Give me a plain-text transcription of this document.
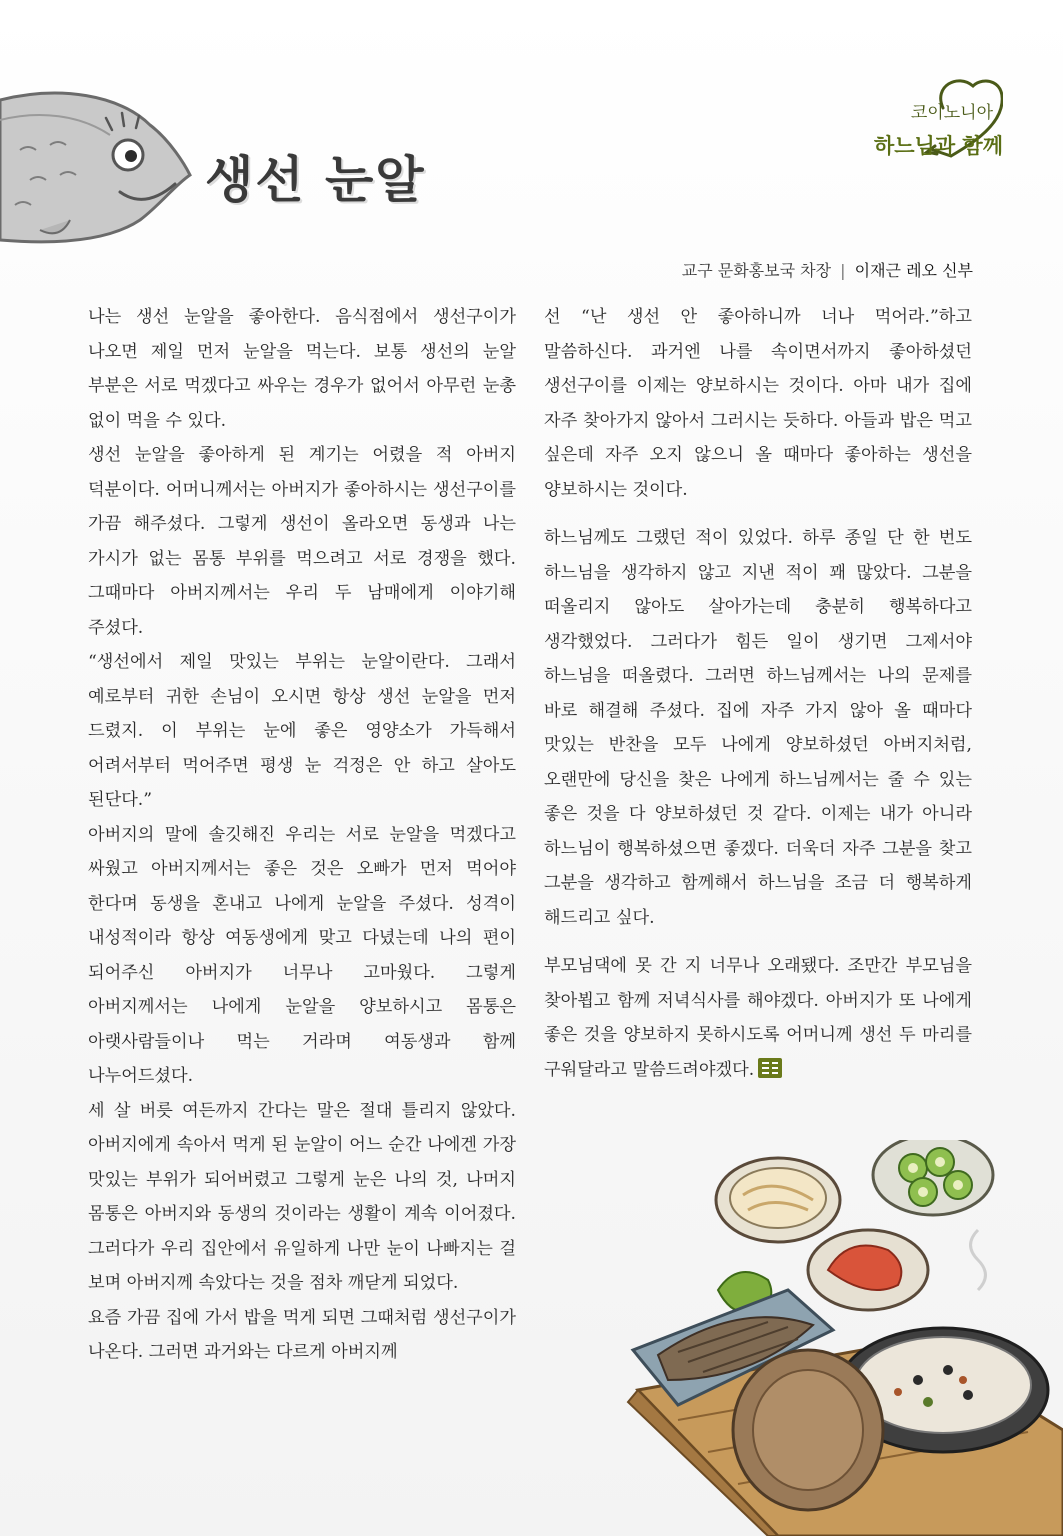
생선 눈알
코이노니아
하느님과 함께
교구 문화홍보국 차장 | 이재근 레오 신부

나는 생선 눈알을 좋아한다. 음식점에서 생선구이가 나오면 제일 먼저 눈알을 먹는다. 보통 생선의 눈알 부분은 서로 먹겠다고 싸우는 경우가 없어서 아무런 눈총 없이 먹을 수 있다.

생선 눈알을 좋아하게 된 계기는 어렸을 적 아버지 덕분이다. 어머니께서는 아버지가 좋아하시는 생선구이를 가끔 해주셨다. 그렇게 생선이 올라오면 동생과 나는 가시가 없는 몸통 부위를 먹으려고 서로 경쟁을 했다. 그때마다 아버지께서는 우리 두 남매에게 이야기해 주셨다.

“생선에서 제일 맛있는 부위는 눈알이란다. 그래서 예로부터 귀한 손님이 오시면 항상 생선 눈알을 먼저 드렸지. 이 부위는 눈에 좋은 영양소가 가득해서 어려서부터 먹어주면 평생 눈 걱정은 안 하고 살아도 된단다.”

아버지의 말에 솔깃해진 우리는 서로 눈알을 먹겠다고 싸웠고 아버지께서는 좋은 것은 오빠가 먼저 먹어야 한다며 동생을 혼내고 나에게 눈알을 주셨다. 성격이 내성적이라 항상 여동생에게 맞고 다녔는데 나의 편이 되어주신 아버지가 너무나 고마웠다. 그렇게 아버지께서는 나에게 눈알을 양보하시고 몸통은 아랫사람들이나 먹는 거라며 여동생과 함께 나누어드셨다.

세 살 버릇 여든까지 간다는 말은 절대 틀리지 않았다. 아버지에게 속아서 먹게 된 눈알이 어느 순간 나에겐 가장 맛있는 부위가 되어버렸고 그렇게 눈은 나의 것, 나머지 몸통은 아버지와 동생의 것이라는 생활이 계속 이어졌다. 그러다가 우리 집안에서 유일하게 나만 눈이 나빠지는 걸 보며 아버지께 속았다는 것을 점차 깨닫게 되었다.

요즘 가끔 집에 가서 밥을 먹게 되면 그때처럼 생선구이가 나온다. 그러면 과거와는 다르게 아버지께

선 “난 생선 안 좋아하니까 너나 먹어라.”하고 말씀하신다. 과거엔 나를 속이면서까지 좋아하셨던 생선구이를 이제는 양보하시는 것이다. 아마 내가 집에 자주 찾아가지 않아서 그러시는 듯하다. 아들과 밥은 먹고 싶은데 자주 오지 않으니 올 때마다 좋아하는 생선을 양보하시는 것이다.

하느님께도 그랬던 적이 있었다. 하루 종일 단 한 번도 하느님을 생각하지 않고 지낸 적이 꽤 많았다. 그분을 떠올리지 않아도 살아가는데 충분히 행복하다고 생각했었다. 그러다가 힘든 일이 생기면 그제서야 하느님을 떠올렸다. 그러면 하느님께서는 나의 문제를 바로 해결해 주셨다. 집에 자주 가지 않아 올 때마다 맛있는 반찬을 모두 나에게 양보하셨던 아버지처럼, 오랜만에 당신을 찾은 나에게 하느님께서는 줄 수 있는 좋은 것을 다 양보하셨던 것 같다. 이제는 내가 아니라 하느님이 행복하셨으면 좋겠다. 더욱더 자주 그분을 찾고 그분을 생각하고 함께해서 하느님을 조금 더 행복하게 해드리고 싶다.

부모님댁에 못 간 지 너무나 오래됐다. 조만간 부모님을 찾아뵙고 함께 저녁식사를 해야겠다. 아버지가 또 나에게 좋은 것을 양보하지 못하시도록 어머니께 생선 두 마리를 구워달라고 말씀드려야겠다.
